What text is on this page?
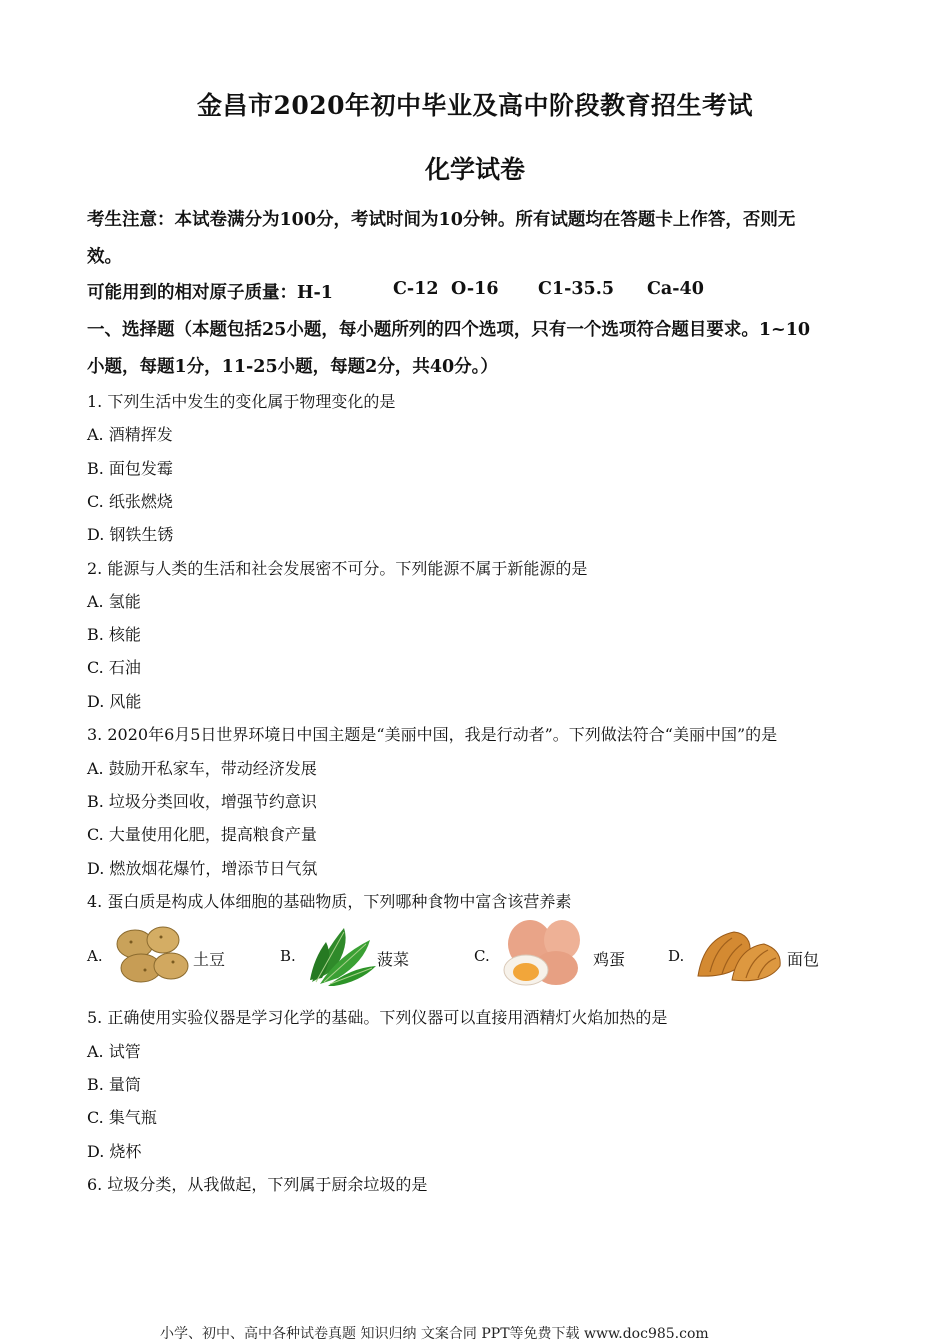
金昌市2020年初中毕业及高中阶段教育招生考试
化学试卷
考生注意：本试卷满分为100分，考试时间为10分钟。所有试题均在答题卡上作答，否则无
效。
可能用到的相对原子质量：H-1	C-12 O-16 C1-35.5 Ca-40
一、选择题（本题包括25小题，每小题所列的四个选项，只有一个选项符合题目要求。1~10
小题，每题1分，11-25小题，每题2分，共40分。）
1. 下列生活中发生的变化属于物理变化的是
A. 酒精挥发
B. 面包发霉
C. 纸张燃烧
D. 钢铁生锈
2. 能源与人类的生活和社会发展密不可分。下列能源不属于新能源的是
A. 氢能
B. 核能
C. 石油
D. 风能
3. 2020年6月5日世界环境日中国主题是“美丽中国，我是行动者”。下列做法符合“美丽中国”的是
A. 鼓励开私家车，带动经济发展
B. 垃圾分类回收，增强节约意识
C. 大量使用化肥，提高粮食产量
D. 燃放烟花爆竹，增添节日气氛
4. 蛋白质是构成人体细胞的基础物质，下列哪种食物中富含该营养素
A.	土豆	B.	菠菜	C.	鸡蛋	D.	面包
5. 正确使用实验仪器是学习化学的基础。下列仪器可以直接用酒精灯火焰加热的是
A. 试管
B. 量筒
C. 集气瓶
D. 烧杯
6. 垃圾分类，从我做起，下列属于厨余垃圾的是
小学、初中、高中各种试卷真题 知识归纳 文案合同 PPT等免费下载 www.doc985.com
